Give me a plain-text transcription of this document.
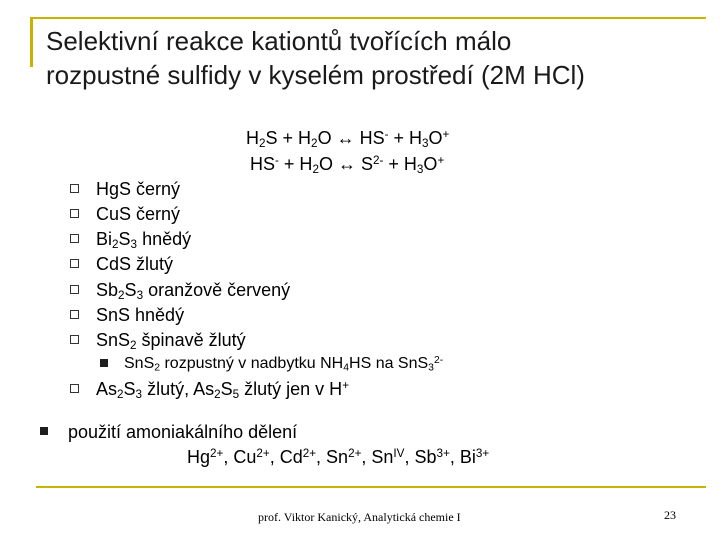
Selektivní reakce kationtů tvořících málo
rozpustné sulfidy v kyselém prostředí (2M HCl)
$H_2S + H_2O$ ↔ $HS^- + H_3O^+$
$HS^- + H_2O$ ↔ $S^{2-} + H_3O^+$
HgS černý
CuS černý
$Bi_2S_3$ hnědý
CdS žlutý
$Sb_2S_3$ oranžově červený
SnS hnědý
SnS$_2$ špinavě žlutý
SnS$_2$ rozpustný v nadbytku $NH_4HS$ na SnS$_3^{2-}$
$As_2S_3$ žlutý, $As_2S_5$ žlutý jen v H+
použití amoniakálního dělení
$Hg^{2+}$, $Cu^{2+}$, $Cd^{2+}$, $Sn^{2+}$, $Sn^{IV}$, $Sb^{3+}$, $Bi^{3+}$
prof. Viktor Kanický, Analytická chemie I	23
